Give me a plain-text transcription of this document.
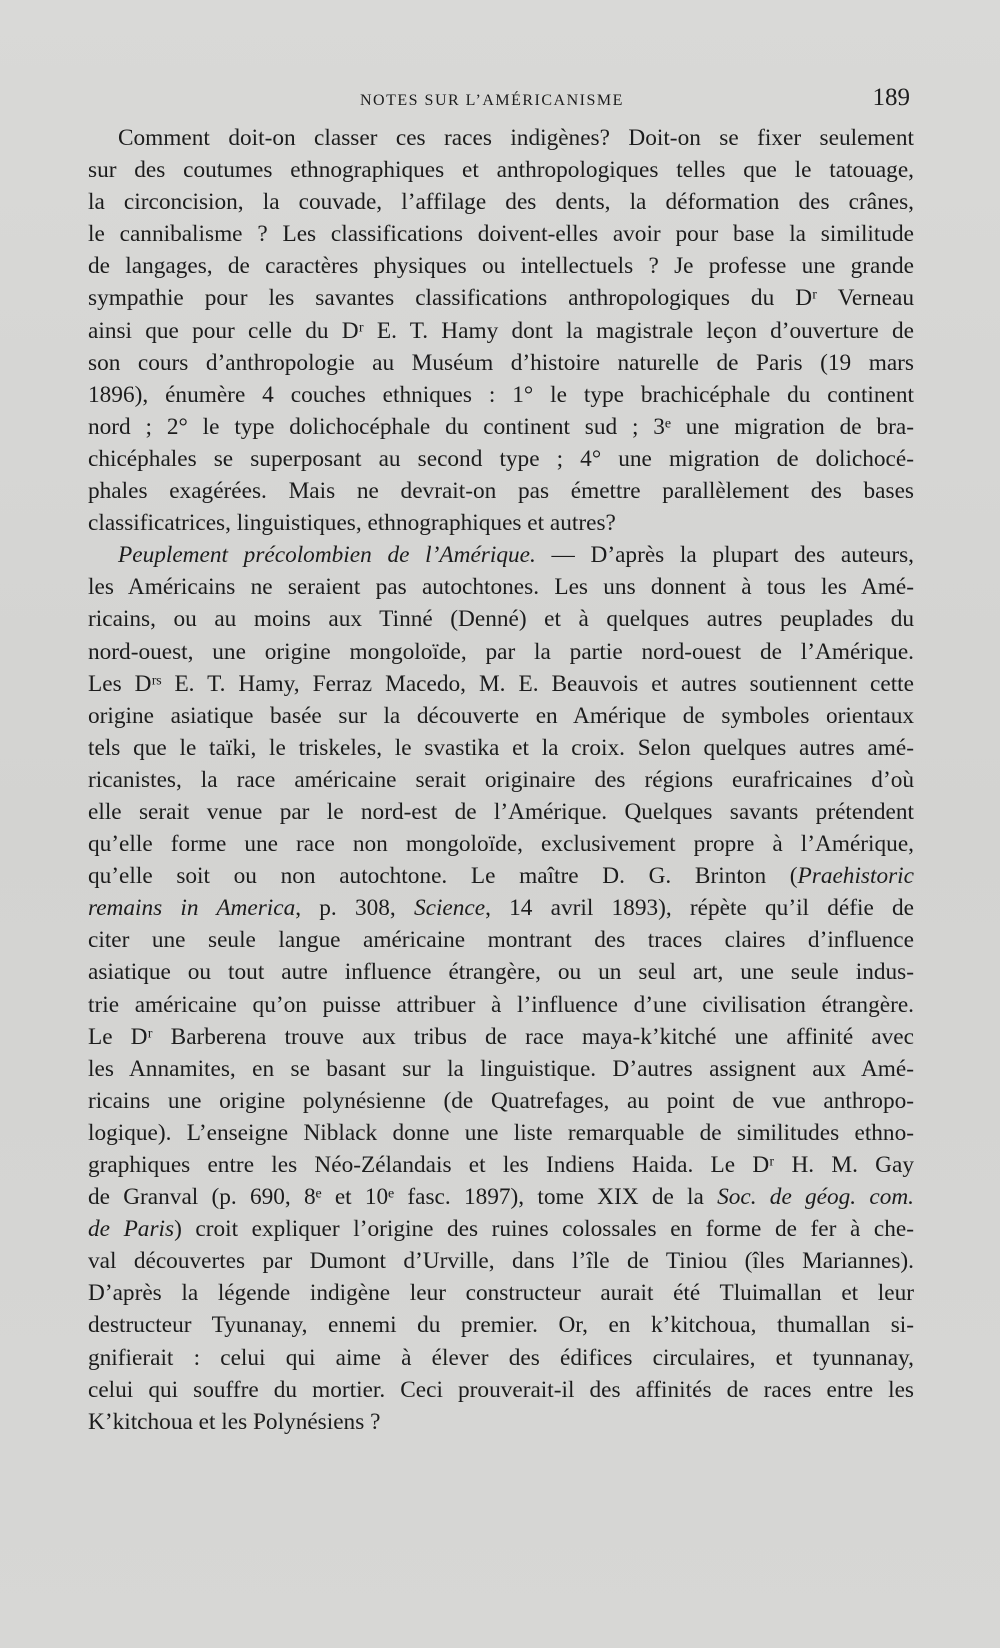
NOTES SUR L’AMÉRICANISME	189
Comment doit-on classer ces races indigènes? Doit-on se fixer seulement
sur des coutumes ethnographiques et anthropologiques telles que le tatouage,
la circoncision, la couvade, l’affilage des dents, la déformation des crânes,
le cannibalisme ? Les classifications doivent-elles avoir pour base la similitude
de langages, de caractères physiques ou intellectuels ? Je professe une grande
sympathie pour les savantes classifications anthropologiques du Dʳ Verneau
ainsi que pour celle du Dʳ E. T. Hamy dont la magistrale leçon d’ouverture de
son cours d’anthropologie au Muséum d’histoire naturelle de Paris (19 mars
1896), énumère 4 couches ethniques : 1° le type brachicéphale du continent
nord ; 2° le type dolichocéphale du continent sud ; 3ᵉ une migration de bra-
chicéphales se superposant au second type ; 4° une migration de dolichocé-
phales exagérées. Mais ne devrait-on pas émettre parallèlement des bases
classificatrices, linguistiques, ethnographiques et autres?
Peuplement précolombien de l’Amérique. — D’après la plupart des auteurs,
les Américains ne seraient pas autochtones. Les uns donnent à tous les Amé-
ricains, ou au moins aux Tinné (Denné) et à quelques autres peuplades du
nord-ouest, une origine mongoloïde, par la partie nord-ouest de l’Amérique.
Les Dʳˢ E. T. Hamy, Ferraz Macedo, M. E. Beauvois et autres soutiennent cette
origine asiatique basée sur la découverte en Amérique de symboles orientaux
tels que le taïki, le triskeles, le svastika et la croix. Selon quelques autres amé-
ricanistes, la race américaine serait originaire des régions eurafricaines d’où
elle serait venue par le nord-est de l’Amérique. Quelques savants prétendent
qu’elle forme une race non mongoloïde, exclusivement propre à l’Amérique,
qu’elle soit ou non autochtone. Le maître D. G. Brinton (Praehistoric
remains in America, p. 308, Science, 14 avril 1893), répète qu’il défie de
citer une seule langue américaine montrant des traces claires d’influence
asiatique ou tout autre influence étrangère, ou un seul art, une seule indus-
trie américaine qu’on puisse attribuer à l’influence d’une civilisation étrangère.
Le Dʳ Barberena trouve aux tribus de race maya-k’kitché une affinité avec
les Annamites, en se basant sur la linguistique. D’autres assignent aux Amé-
ricains une origine polynésienne (de Quatrefages, au point de vue anthropo-
logique). L’enseigne Niblack donne une liste remarquable de similitudes ethno-
graphiques entre les Néo-Zélandais et les Indiens Haida. Le Dʳ H. M. Gay
de Granval (p. 690, 8ᵉ et 10ᵉ fasc. 1897), tome XIX de la Soc. de géog. com.
de Paris) croit expliquer l’origine des ruines colossales en forme de fer à che-
val découvertes par Dumont d’Urville, dans l’île de Tiniou (îles Mariannes).
D’après la légende indigène leur constructeur aurait été Tluimallan et leur
destructeur Tyunanay, ennemi du premier. Or, en k’kitchoua, thumallan si-
gnifierait : celui qui aime à élever des édifices circulaires, et tyunnanay,
celui qui souffre du mortier. Ceci prouverait-il des affinités de races entre les
K’kitchoua et les Polynésiens ?
